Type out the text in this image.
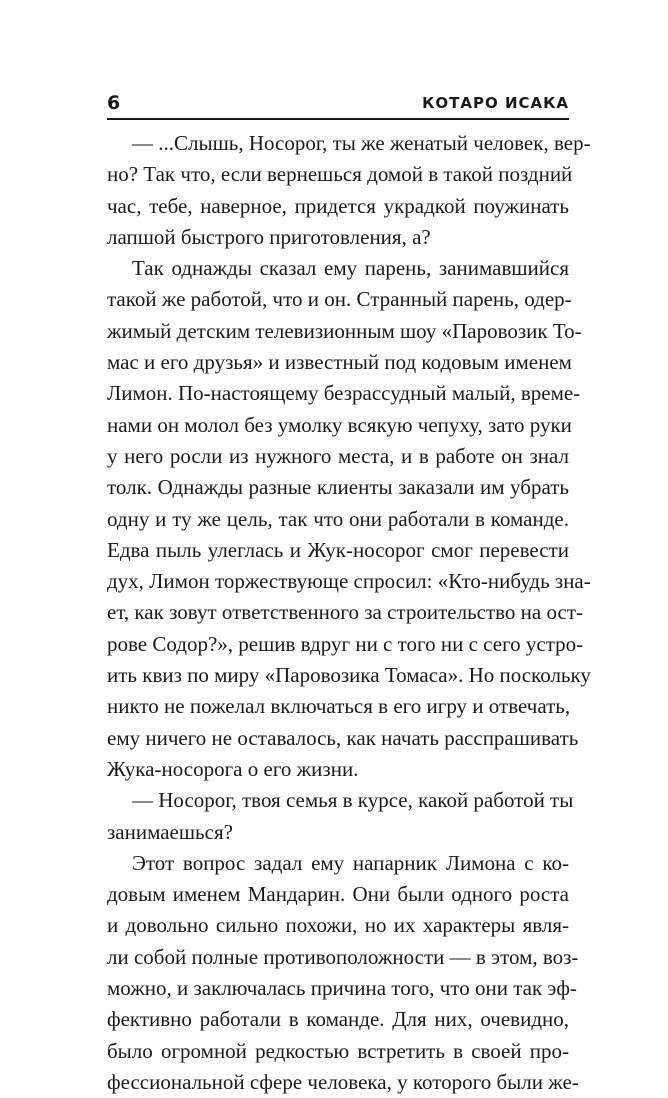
6	КОТАРО ИСАКА
— ...Слышь, Носорог, ты же женатый человек, вер-
но? Так что, если вернешься домой в такой поздний
час, тебе, наверное, придется украдкой поужинать
лапшой быстрого приготовления, а?
Так однажды сказал ему парень, занимавшийся
такой же работой, что и он. Странный парень, одер-
жимый детским телевизионным шоу «Паровозик То-
мас и его друзья» и известный под кодовым именем
Лимон. По-настоящему безрассудный малый, време-
нами он молол без умолку всякую чепуху, зато руки
у него росли из нужного места, и в работе он знал
толк. Однажды разные клиенты заказали им убрать
одну и ту же цель, так что они работали в команде.
Едва пыль улеглась и Жук-носорог смог перевести
дух, Лимон торжествующе спросил: «Кто-нибудь зна-
ет, как зовут ответственного за строительство на ост-
рове Содор?», решив вдруг ни с того ни с сего устро-
ить квиз по миру «Паровозика Томаса». Но поскольку
никто не пожелал включаться в его игру и отвечать,
ему ничего не оставалось, как начать расспрашивать
Жука-носорога о его жизни.
— Носорог, твоя семья в курсе, какой работой ты
занимаешься?
Этот вопрос задал ему напарник Лимона с ко-
довым именем Мандарин. Они были одного роста
и довольно сильно похожи, но их характеры явля-
ли собой полные противоположности — в этом, воз-
можно, и заключалась причина того, что они так эф-
фективно работали в команде. Для них, очевидно,
было огромной редкостью встретить в своей про-
фессиональной сфере человека, у которого были же-
